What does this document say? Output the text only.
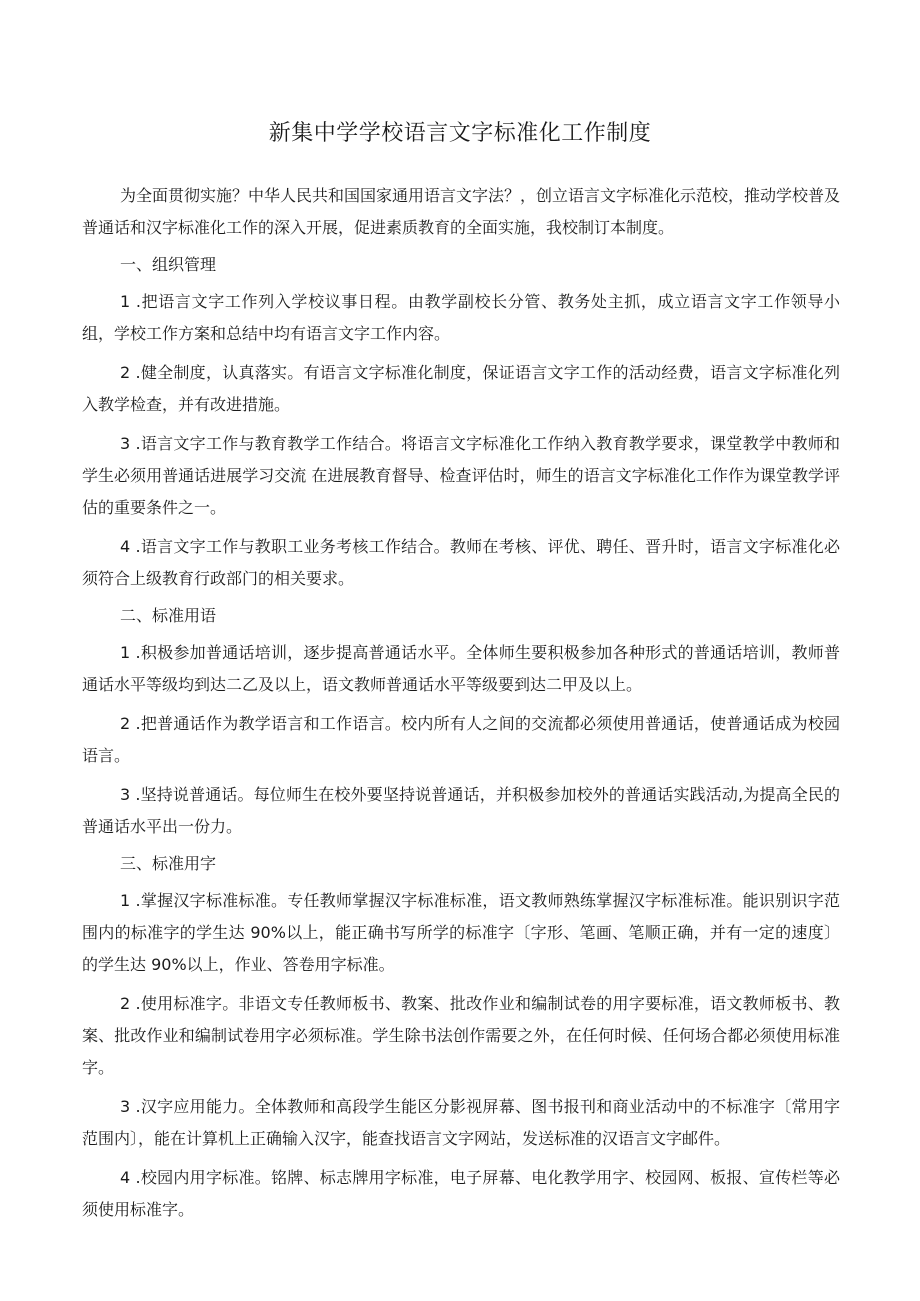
新集中学学校语言文字标准化工作制度

为全面贯彻实施？中华人民共和国国家通用语言文字法？，创立语言文字标准化示范校，推动学校普及普通话和汉字标准化工作的深入开展，促进素质教育的全面实施，我校制订本制度。

一、组织管理

1 .把语言文字工作列入学校议事日程。由教学副校长分管、教务处主抓，成立语言文字工作领导小组，学校工作方案和总结中均有语言文字工作内容。

2 .健全制度，认真落实。有语言文字标准化制度，保证语言文字工作的活动经费，语言文字标准化列入教学检查，并有改进措施。

3 .语言文字工作与教育教学工作结合。将语言文字标准化工作纳入教育教学要求，课堂教学中教师和学生必须用普通话进展学习交流 在进展教育督导、检查评估时，师生的语言文字标准化工作作为课堂教学评估的重要条件之一。

4 .语言文字工作与教职工业务考核工作结合。教师在考核、评优、聘任、晋升时，语言文字标准化必须符合上级教育行政部门的相关要求。

二、标准用语

1 .积极参加普通话培训，逐步提高普通话水平。全体师生要积极参加各种形式的普通话培训，教师普通话水平等级均到达二乙及以上，语文教师普通话水平等级要到达二甲及以上。

2 .把普通话作为教学语言和工作语言。校内所有人之间的交流都必须使用普通话，使普通话成为校园语言。

3 .坚持说普通话。每位师生在校外要坚持说普通话，并积极参加校外的普通话实践活动,为提高全民的普通话水平出一份力。

三、标准用字

1 .掌握汉字标准标准。专任教师掌握汉字标准标准，语文教师熟练掌握汉字标准标准。能识别识字范围内的标准字的学生达 90%以上，能正确书写所学的标准字〔字形、笔画、笔顺正确，并有一定的速度〕的学生达 90%以上，作业、答卷用字标准。

2 .使用标准字。非语文专任教师板书、教案、批改作业和编制试卷的用字要标准，语文教师板书、教案、批改作业和编制试卷用字必须标准。学生除书法创作需要之外，在任何时候、任何场合都必须使用标准字。

3 .汉字应用能力。全体教师和高段学生能区分影视屏幕、图书报刊和商业活动中的不标准字〔常用字范围内〕，能在计算机上正确输入汉字，能查找语言文字网站，发送标准的汉语言文字邮件。

4 .校园内用字标准。铭牌、标志牌用字标准，电子屏幕、电化教学用字、校园网、板报、宣传栏等必须使用标准字。
